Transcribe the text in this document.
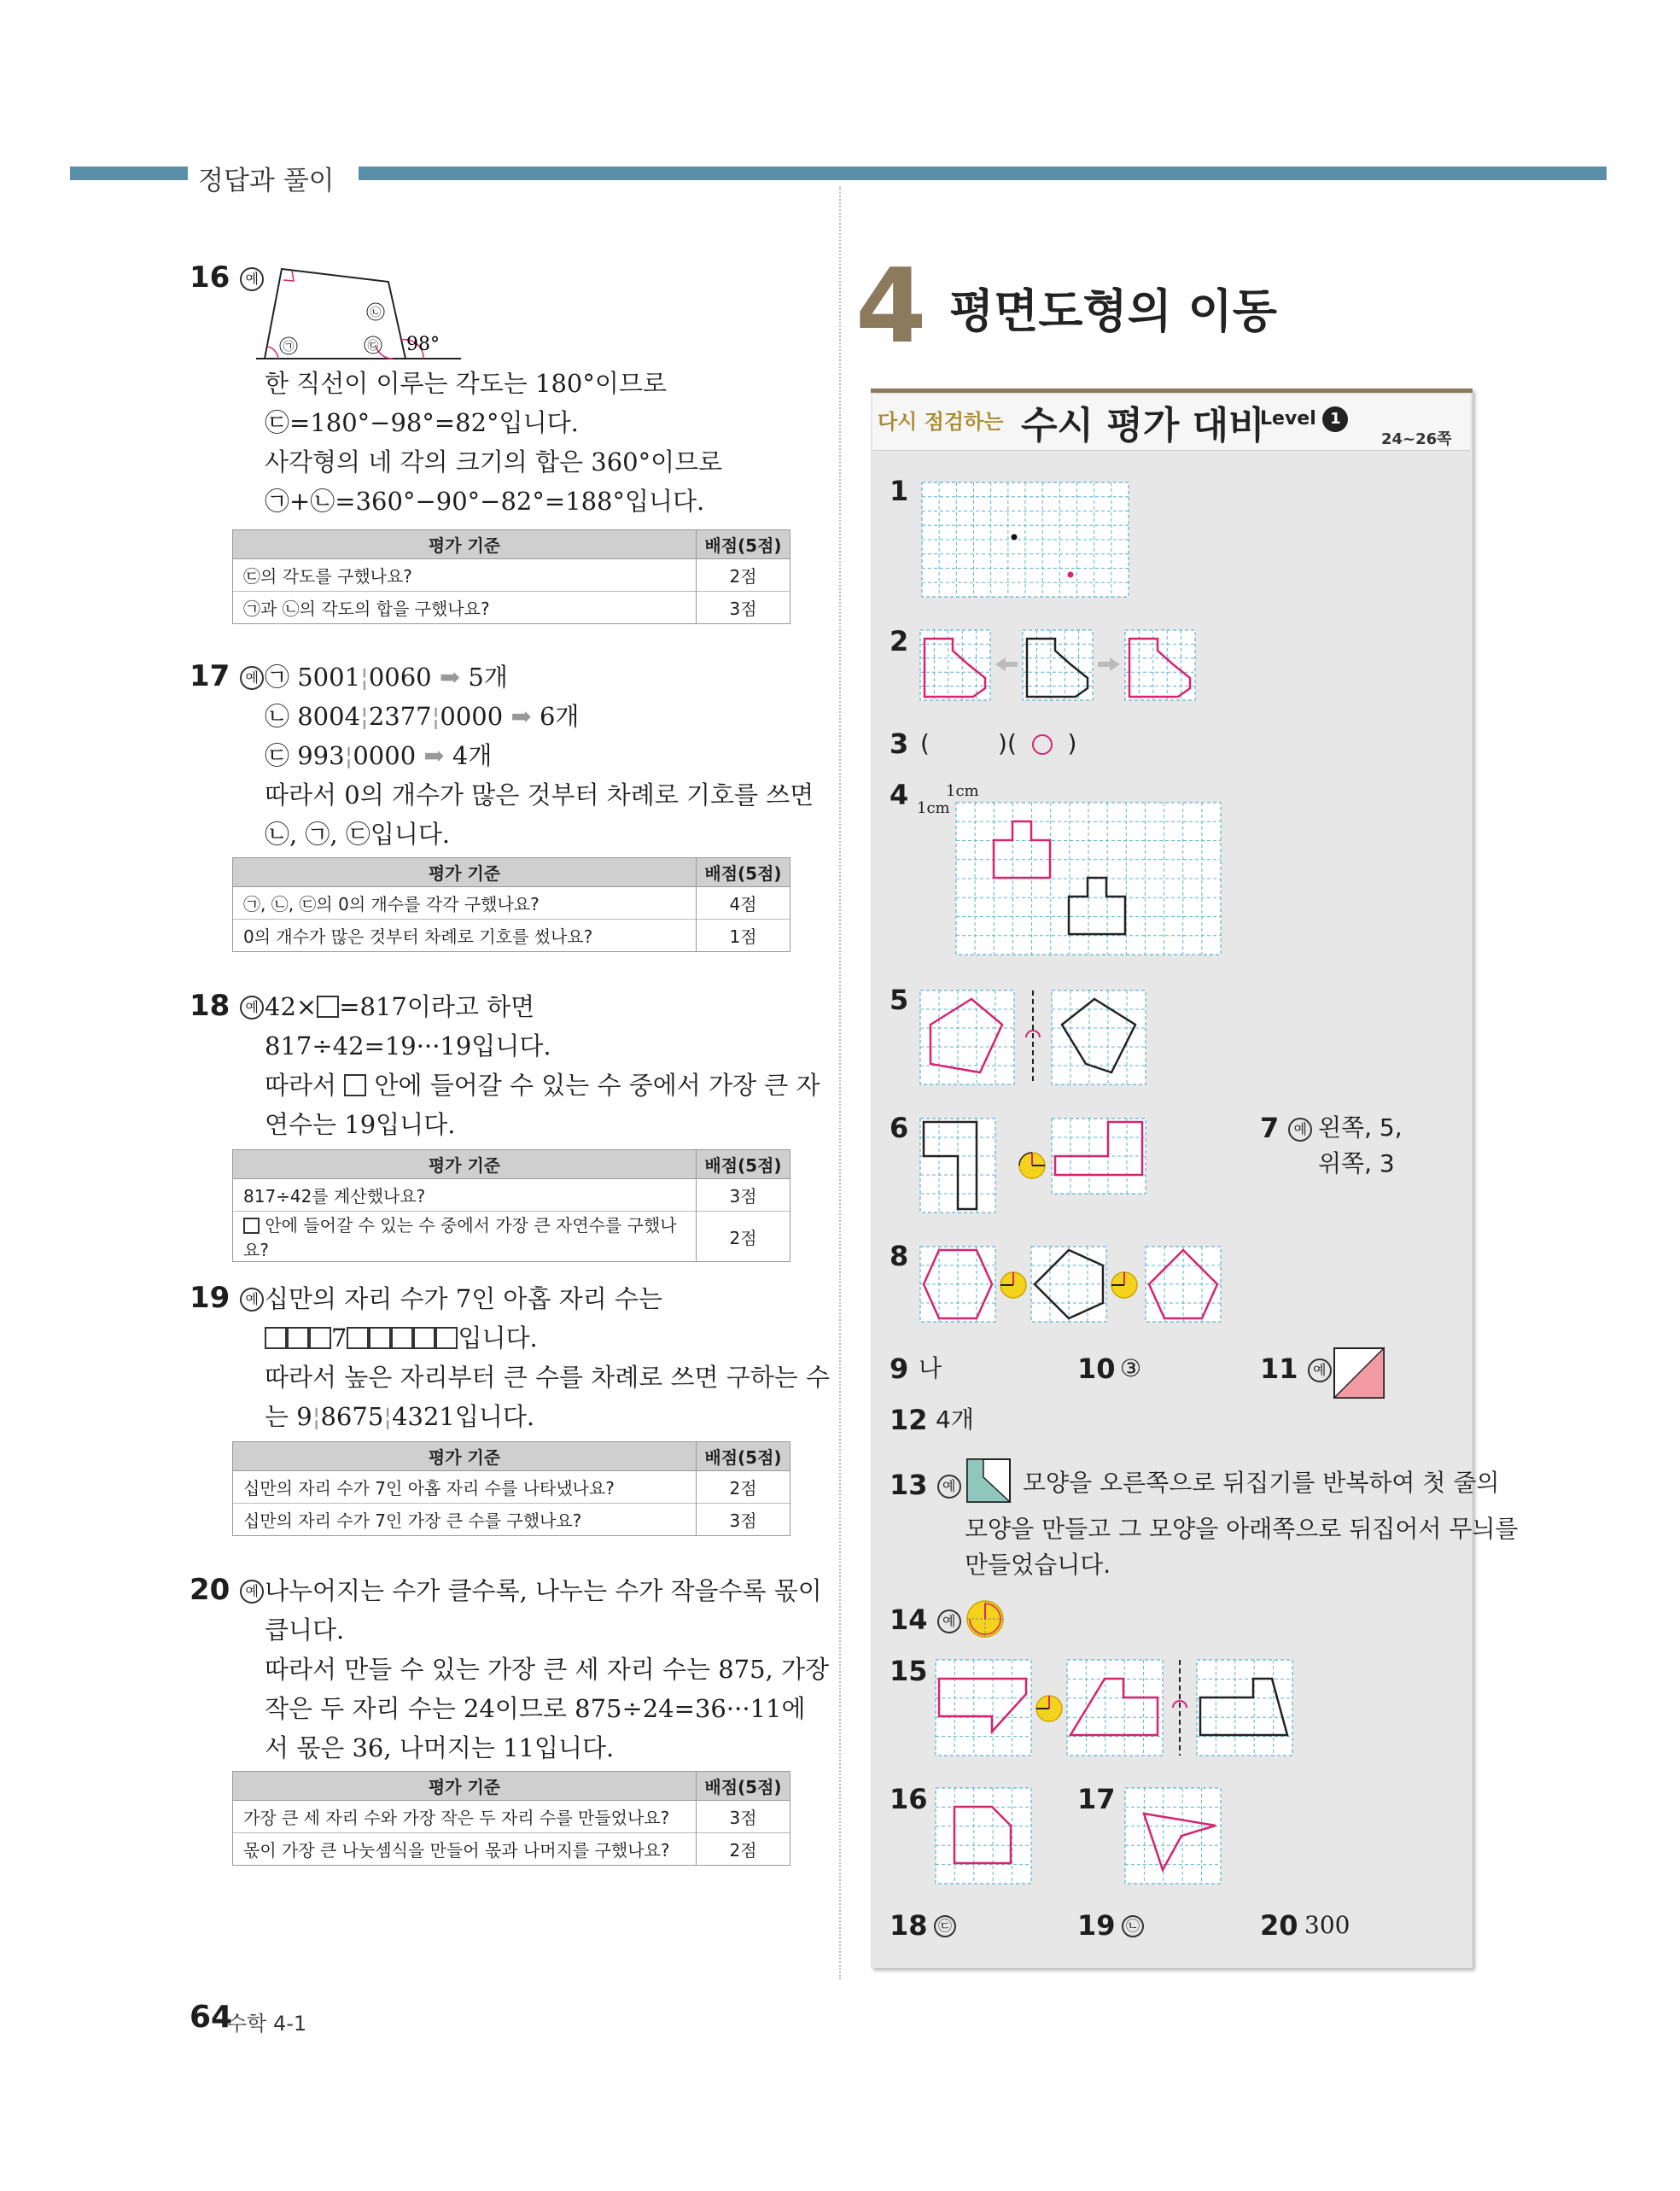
정답과 풀이
16 예
㉡
㉠	㉢ 98°
한 직선이 이루는 각도는 180°이므로
㉢=180°−98°=82°입니다.
사각형의 네 각의 크기의 합은 360°이므로
㉠+㉡=360°−90°−82°=188°입니다.
평가 기준	배점(5점)
㉢의 각도를 구했나요?	2점
㉠과 ㉡의 각도의 합을 구했나요?	3점
17 예 ㉠ 5001¦0060 ➡ 5개
㉡ 8004¦2377¦0000 ➡ 6개
㉢ 993¦0000 ➡ 4개
따라서 0의 개수가 많은 것부터 차례로 기호를 쓰면
㉡, ㉠, ㉢입니다.
평가 기준	배점(5점)
㉠, ㉡, ㉢의 0의 개수를 각각 구했나요?	4점
0의 개수가 많은 것부터 차례로 기호를 썼나요?	1점
18 예 42× =817이라고 하면
817÷42=19···19입니다.
따라서 안에 들어갈 수 있는 수 중에서 가장 큰 자
연수는 19입니다.
평가 기준	배점(5점)
817÷42를 계산했나요?	3점
안에 들어갈 수 있는 수 중에서 가장 큰 자연수를 구했나요?	2점
19 예 십만의 자리 수가 7인 아홉 자리 수는
7	입니다.
따라서 높은 자리부터 큰 수를 차례로 쓰면 구하는 수
는 9¦8675¦4321입니다.
평가 기준	배점(5점)
십만의 자리 수가 7인 아홉 자리 수를 나타냈나요?	2점
십만의 자리 수가 7인 가장 큰 수를 구했나요?	3점
20 예 나누어지는 수가 클수록, 나누는 수가 작을수록 몫이
큽니다.
따라서 만들 수 있는 가장 큰 세 자리 수는 875, 가장
작은 두 자리 수는 24이므로 875÷24=36···11에
서 몫은 36, 나머지는 11입니다.
평가 기준	배점(5점)
가장 큰 세 자리 수와 가장 작은 두 자리 수를 만들었나요?	3점
몫이 가장 큰 나눗셈식을 만들어 몫과 나머지를 구했나요?	2점
4 평면도형의 이동
다시 점검하는 수시 평가 대비
Level 1
24~26쪽
1
2
3 (	)( )
4 1cm
1cm
5
6	7 예 왼쪽, 5,
위쪽, 3
8
9 나	10 ③	11 예
12 4개
13 예	모양을 오른쪽으로 뒤집기를 반복하여 첫 줄의
모양을 만들고 그 모양을 아래쪽으로 뒤집어서 무늬를
만들었습니다.
14 예
15
16	17
18 ㉢	19 ㉡	20 300
64
수학 4-1
